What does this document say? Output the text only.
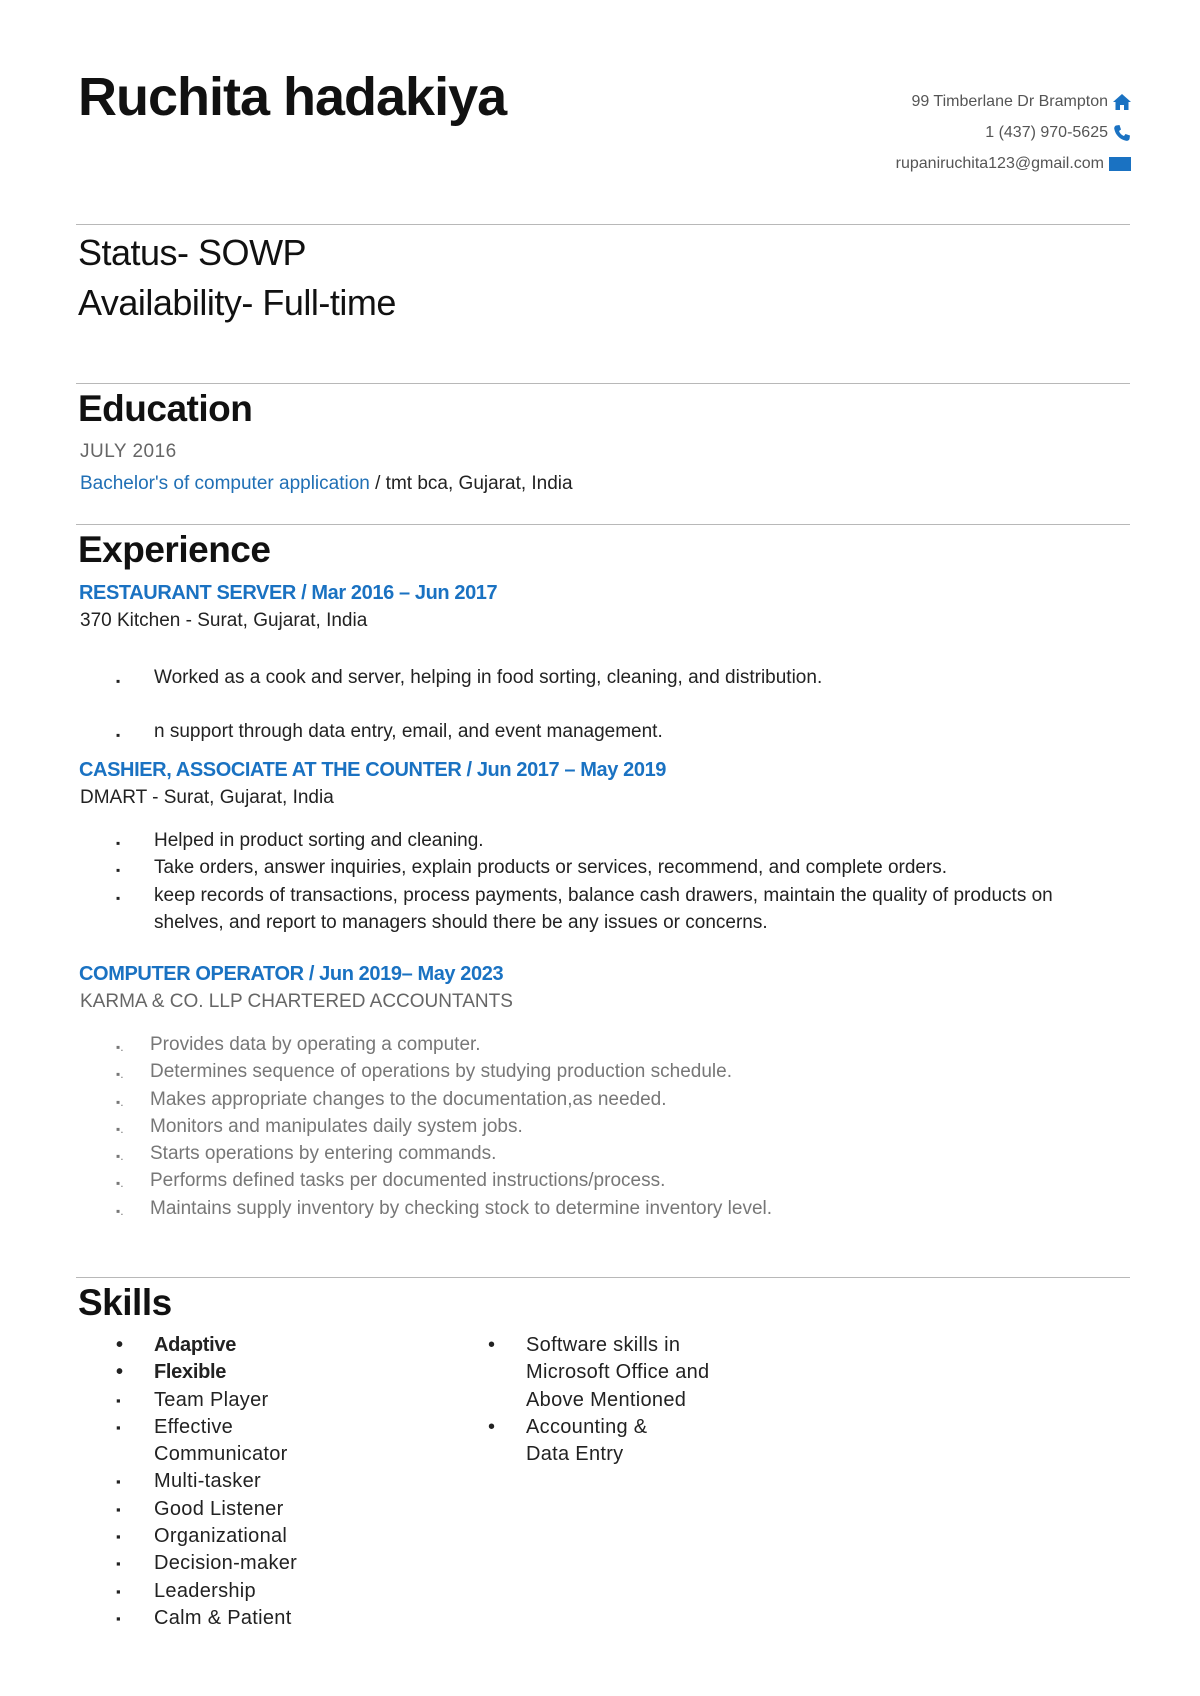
Ruchita hadakiya	99 Timberlane Dr Brampton
1 (437) 970-5625
rupaniruchita123@gmail.com
Status- SOWP
Availability- Full-time
Education
JULY 2016
Bachelor's of computer application / tmt bca, Gujarat, India
Experience
RESTAURANT SERVER / Mar 2016 – Jun 2017
370 Kitchen - Surat, Gujarat, India
▪ Worked as a cook and server, helping in food sorting, cleaning, and distribution.
▪ n support through data entry, email, and event management.
CASHIER, ASSOCIATE AT THE COUNTER / Jun 2017 – May 2019
DMART - Surat, Gujarat, India
▪ Helped in product sorting and cleaning.
▪ Take orders, answer inquiries, explain products or services, recommend, and complete orders.
▪ keep records of transactions, process payments, balance cash drawers, maintain the quality of products on shelves, and report to managers should there be any issues or concerns.
COMPUTER OPERATOR / Jun 2019– May 2023
KARMA & CO. LLP CHARTERED ACCOUNTANTS
▪. Provides data by operating a computer.
▪. Determines sequence of operations by studying production schedule.
▪. Makes appropriate changes to the documentation,as needed.
▪. Monitors and manipulates daily system jobs.
▪. Starts operations by entering commands.
▪. Performs defined tasks per documented instructions/process.
▪. Maintains supply inventory by checking stock to determine inventory level.
Skills
• Adaptive
• Flexible
▪ Team Player
▪ Effective Communicator
▪ Multi-tasker
▪ Good Listener
▪ Organizational
▪ Decision-maker
▪ Leadership
▪ Calm & Patient
• Software skills in Microsoft Office and Above Mentioned
• Accounting & Data Entry
